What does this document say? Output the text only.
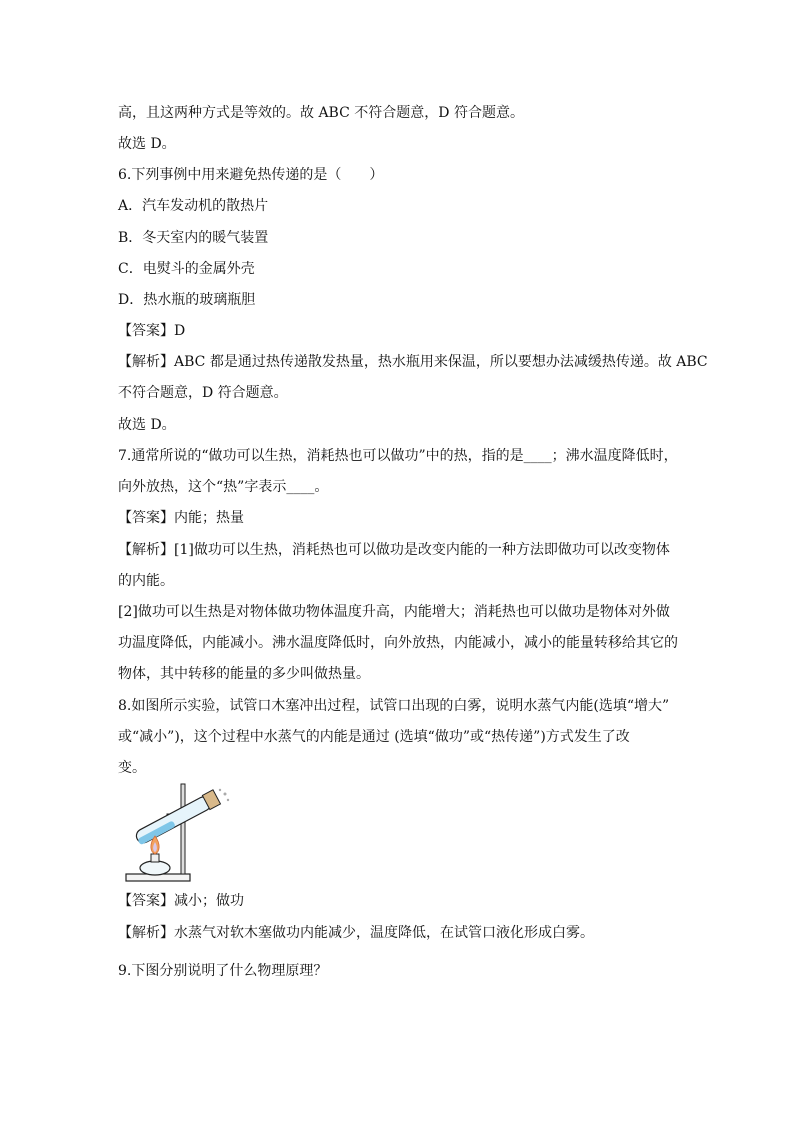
高，且这两种方式是等效的。故 ABC 不符合题意，D 符合题意。
故选 D。
6.下列事例中用来避免热传递的是（　　）
A．汽车发动机的散热片
B．冬天室内的暖气装置
C．电熨斗的金属外壳
D．热水瓶的玻璃瓶胆
【答案】D
【解析】ABC 都是通过热传递散发热量，热水瓶用来保温，所以要想办法减缓热传递。故 ABC
不符合题意，D 符合题意。
故选 D。
7.通常所说的“做功可以生热，消耗热也可以做功”中的热，指的是____；沸水温度降低时，
向外放热，这个“热”字表示____。
【答案】内能；热量
【解析】[1]做功可以生热，消耗热也可以做功是改变内能的一种方法即做功可以改变物体
的内能。
[2]做功可以生热是对物体做功物体温度升高，内能增大；消耗热也可以做功是物体对外做
功温度降低，内能减小。沸水温度降低时，向外放热，内能减小，减小的能量转移给其它的
物体，其中转移的能量的多少叫做热量。
8.如图所示实验，试管口木塞冲出过程，试管口出现的白雾，说明水蒸气内能(选填“增大”
或“减小”)，这个过程中水蒸气的内能是通过 (选填“做功”或“热传递”)方式发生了改
变。
【答案】减小；做功
【解析】水蒸气对软木塞做功内能减少，温度降低，在试管口液化形成白雾。
9.下图分别说明了什么物理原理？
